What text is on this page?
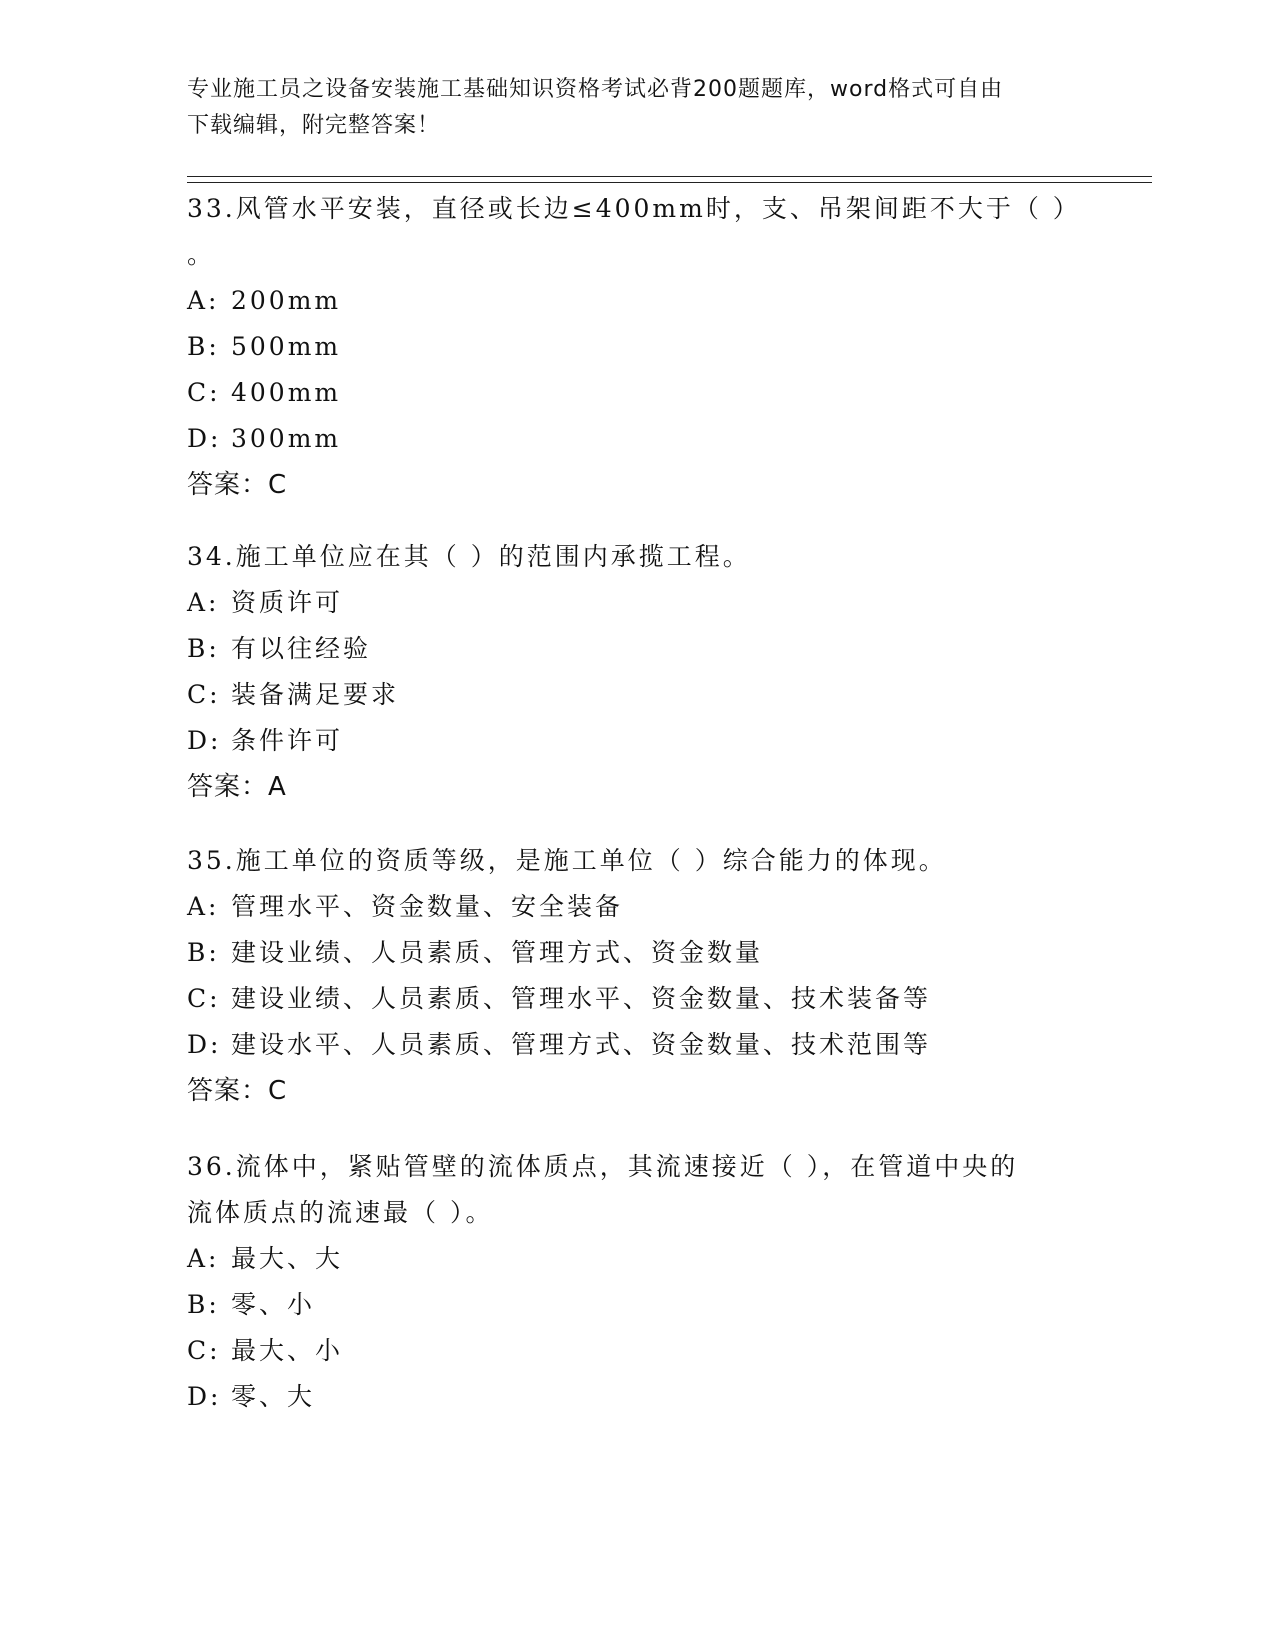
专业施工员之设备安装施工基础知识资格考试必背200题题库，word格式可自由
下载编辑，附完整答案！
33.风管水平安装，直径或长边≤400mm时，支、吊架间距不大于（ ）
。
A: 200mm
B: 500mm
C: 400mm
D: 300mm
答案：C
34.施工单位应在其（ ）的范围内承揽工程。
A: 资质许可
B: 有以往经验
C: 装备满足要求
D: 条件许可
答案：A
35.施工单位的资质等级，是施工单位（ ）综合能力的体现。
A: 管理水平、资金数量、安全装备
B: 建设业绩、人员素质、管理方式、资金数量
C: 建设业绩、人员素质、管理水平、资金数量、技术装备等
D: 建设水平、人员素质、管理方式、资金数量、技术范围等
答案：C
36.流体中，紧贴管壁的流体质点，其流速接近（ ），在管道中央的
流体质点的流速最（ ）。
A: 最大、大
B: 零、小
C: 最大、小
D: 零、大
